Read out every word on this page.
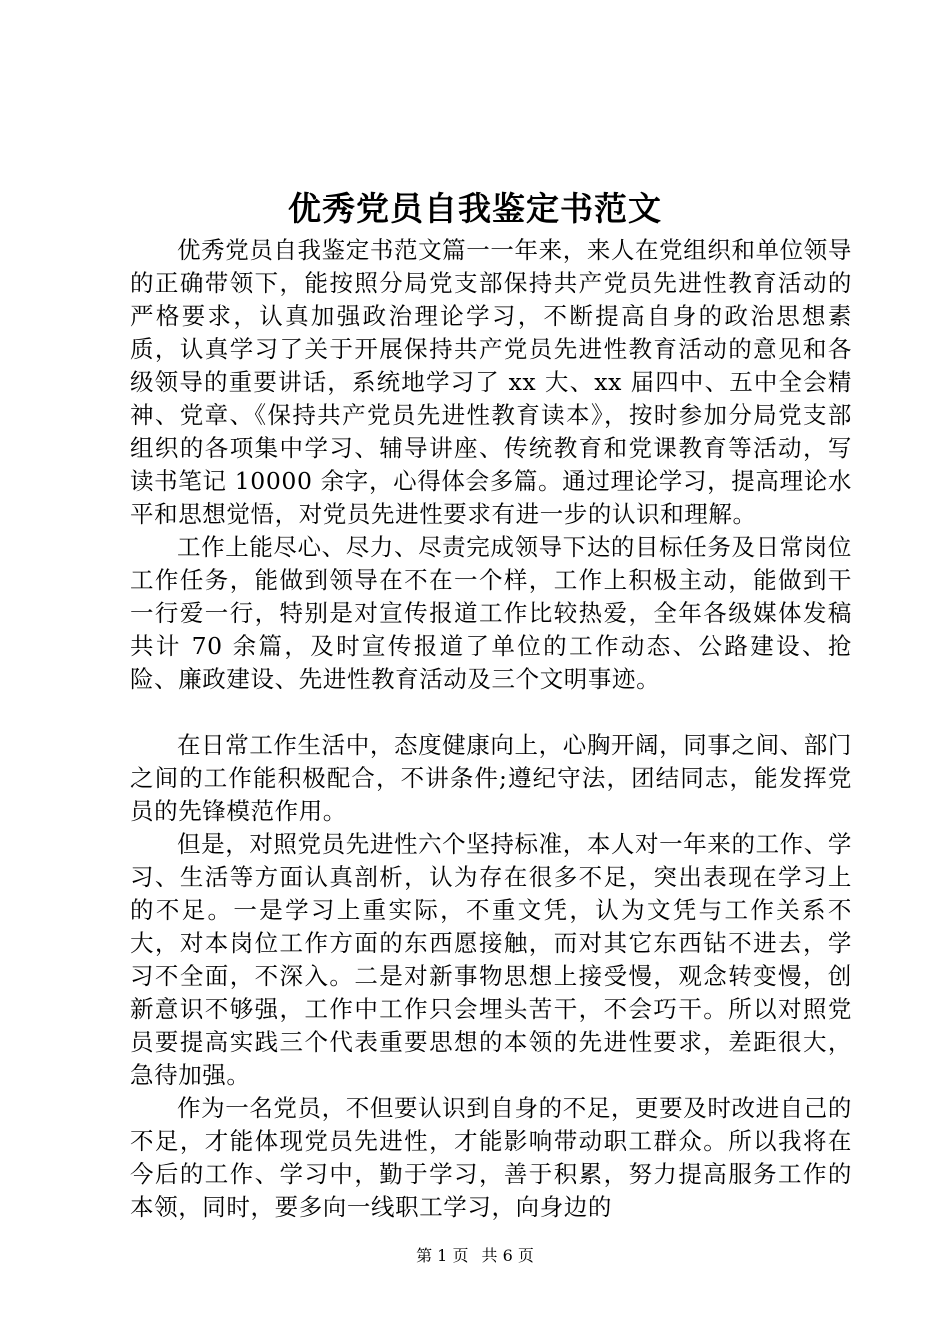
优秀党员自我鉴定书范文

优秀党员自我鉴定书范文篇一一年来，来人在党组织和单位领导的正确带领下，能按照分局党支部保持共产党员先进性教育活动的严格要求，认真加强政治理论学习，不断提高自身的政治思想素质，认真学习了关于开展保持共产党员先进性教育活动的意见和各级领导的重要讲话，系统地学习了 xx 大、xx 届四中、五中全会精神、党章、《保持共产党员先进性教育读本》，按时参加分局党支部组织的各项集中学习、辅导讲座、传统教育和党课教育等活动，写读书笔记 10000 余字，心得体会多篇。通过理论学习，提高理论水平和思想觉悟，对党员先进性要求有进一步的认识和理解。

工作上能尽心、尽力、尽责完成领导下达的目标任务及日常岗位工作任务，能做到领导在不在一个样，工作上积极主动，能做到干一行爱一行，特别是对宣传报道工作比较热爱，全年各级媒体发稿共计 70 余篇，及时宣传报道了单位的工作动态、公路建设、抢险、廉政建设、先进性教育活动及三个文明事迹。

在日常工作生活中，态度健康向上，心胸开阔，同事之间、部门之间的工作能积极配合，不讲条件;遵纪守法，团结同志，能发挥党员的先锋模范作用。

但是，对照党员先进性六个坚持标准，本人对一年来的工作、学习、生活等方面认真剖析，认为存在很多不足，突出表现在学习上的不足。一是学习上重实际，不重文凭，认为文凭与工作关系不大，对本岗位工作方面的东西愿接触，而对其它东西钻不进去，学习不全面，不深入。二是对新事物思想上接受慢，观念转变慢，创新意识不够强，工作中工作只会埋头苦干，不会巧干。所以对照党员要提高实践三个代表重要思想的本领的先进性要求，差距很大，急待加强。

作为一名党员，不但要认识到自身的不足，更要及时改进自己的不足，才能体现党员先进性，才能影响带动职工群众。所以我将在今后的工作、学习中，勤于学习，善于积累，努力提高服务工作的本领，同时，要多向一线职工学习，向身边的

第 1 页 共 6 页
